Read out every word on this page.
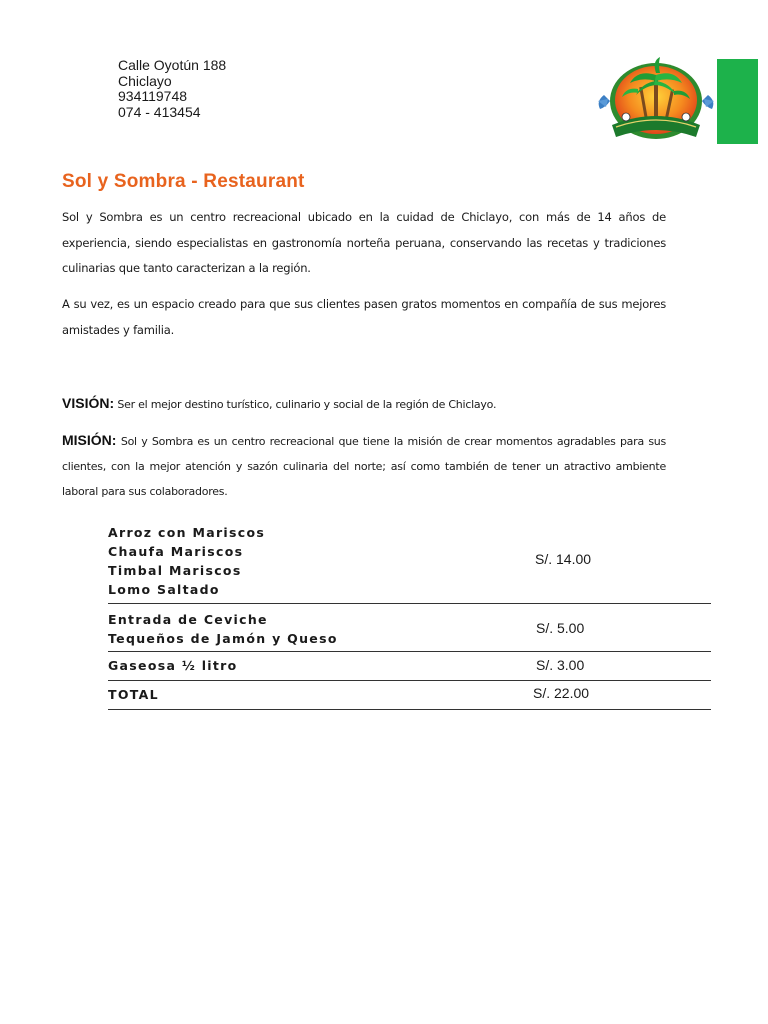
Calle Oyotún 188
Chiclayo
934119748
074 - 413454
Sol y Sombra - Restaurant

Sol y Sombra es un centro recreacional ubicado en la cuidad de Chiclayo, con más de 14 años de experiencia, siendo especialistas en gastronomía norteña peruana, conservando las recetas y tradiciones culinarias que tanto caracterizan a la región.

A su vez, es un espacio creado para que sus clientes pasen gratos momentos en compañía de sus mejores amistades y familia.

VISIÓN: Ser el mejor destino turístico, culinario y social de la región de Chiclayo.

MISIÓN: Sol y Sombra es un centro recreacional que tiene la misión de crear momentos agradables para sus clientes, con la mejor atención y sazón culinaria del norte; así como también de tener un atractivo ambiente laboral para sus colaboradores.

Arroz con Mariscos
Chaufa Mariscos
Timbal Mariscos
Lomo Saltado
S/. 14.00
Entrada de Ceviche
Tequeños de Jamón y Queso
S/. 5.00
Gaseosa ½ litro	S/. 3.00
TOTAL	S/. 22.00
